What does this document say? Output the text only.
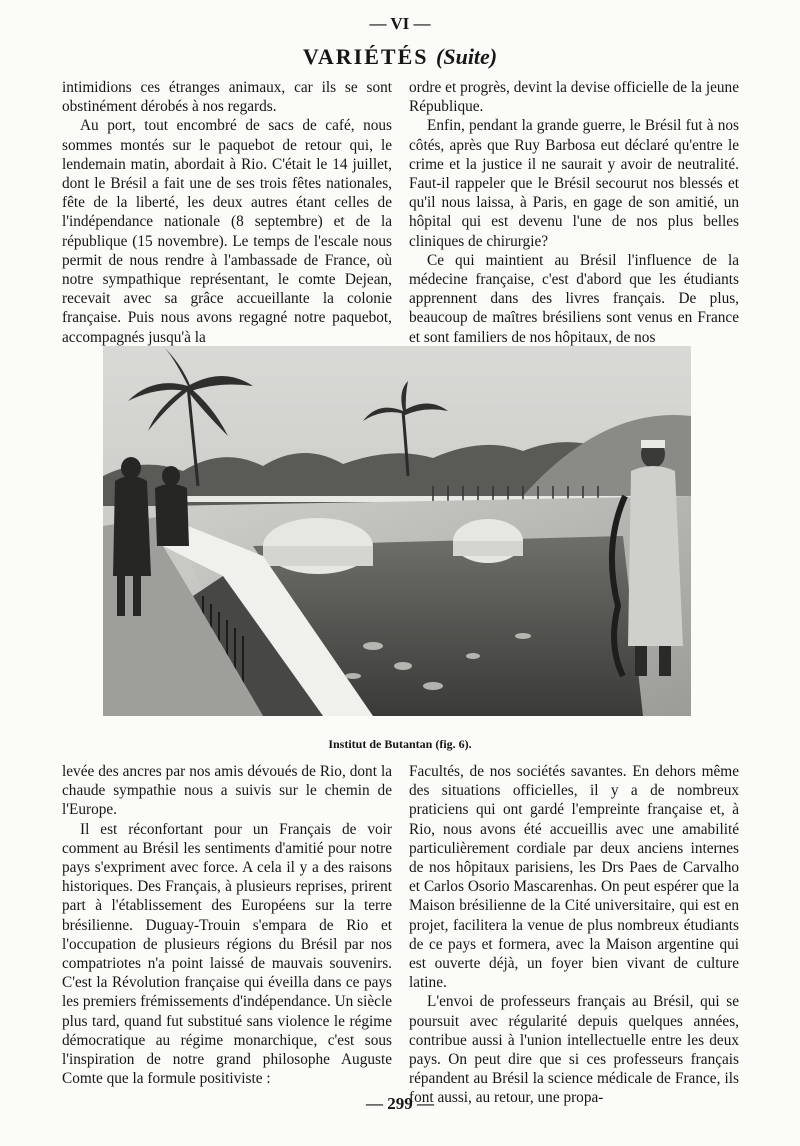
— VI —
VARIÉTÉS (Suite)

intimidions ces étranges animaux, car ils se sont obstinément dérobés à nos regards.

Au port, tout encombré de sacs de café, nous sommes montés sur le paquebot de retour qui, le lendemain matin, abordait à Rio. C'était le 14 juillet, dont le Brésil a fait une de ses trois fêtes nationales, fête de la liberté, les deux autres étant celles de l'indépendance nationale (8 septembre) et de la république (15 novembre). Le temps de l'escale nous permit de nous rendre à l'ambassade de France, où notre sympathique représentant, le comte Dejean, recevait avec sa grâce accueillante la colonie française. Puis nous avons regagné notre paquebot, accompagnés jusqu'à la

ordre et progrès, devint la devise officielle de la jeune République.

Enfin, pendant la grande guerre, le Brésil fut à nos côtés, après que Ruy Barbosa eut déclaré qu'entre le crime et la justice il ne saurait y avoir de neutralité. Faut-il rappeler que le Brésil secourut nos blessés et qu'il nous laissa, à Paris, en gage de son amitié, un hôpital qui est devenu l'une de nos plus belles cliniques de chirurgie?

Ce qui maintient au Brésil l'influence de la médecine française, c'est d'abord que les étudiants apprennent dans des livres français. De plus, beaucoup de maîtres brésiliens sont venus en France et sont familiers de nos hôpitaux, de nos

Institut de Butantan (fig. 6).

levée des ancres par nos amis dévoués de Rio, dont la chaude sympathie nous a suivis sur le chemin de l'Europe.

Il est réconfortant pour un Français de voir comment au Brésil les sentiments d'amitié pour notre pays s'expriment avec force. A cela il y a des raisons historiques. Des Français, à plusieurs reprises, prirent part à l'établissement des Européens sur la terre brésilienne. Duguay-Trouin s'empara de Rio et l'occupation de plusieurs régions du Brésil par nos compatriotes n'a point laissé de mauvais souvenirs. C'est la Révolution française qui éveilla dans ce pays les premiers frémissements d'indépendance. Un siècle plus tard, quand fut substitué sans violence le régime démocratique au régime monarchique, c'est sous l'inspiration de notre grand philosophe Auguste Comte que la formule positiviste :

Facultés, de nos sociétés savantes. En dehors même des situations officielles, il y a de nombreux praticiens qui ont gardé l'empreinte française et, à Rio, nous avons été accueillis avec une amabilité particulièrement cordiale par deux anciens internes de nos hôpitaux parisiens, les Drs Paes de Carvalho et Carlos Osorio Mascarenhas. On peut espérer que la Maison brésilienne de la Cité universitaire, qui est en projet, facilitera la venue de plus nombreux étudiants de ce pays et formera, avec la Maison argentine qui est ouverte déjà, un foyer bien vivant de culture latine.

L'envoi de professeurs français au Brésil, qui se poursuit avec régularité depuis quelques années, contribue aussi à l'union intellectuelle entre les deux pays. On peut dire que si ces professeurs français répandent au Brésil la science médicale de France, ils font aussi, au retour, une propa-

— 299 —
